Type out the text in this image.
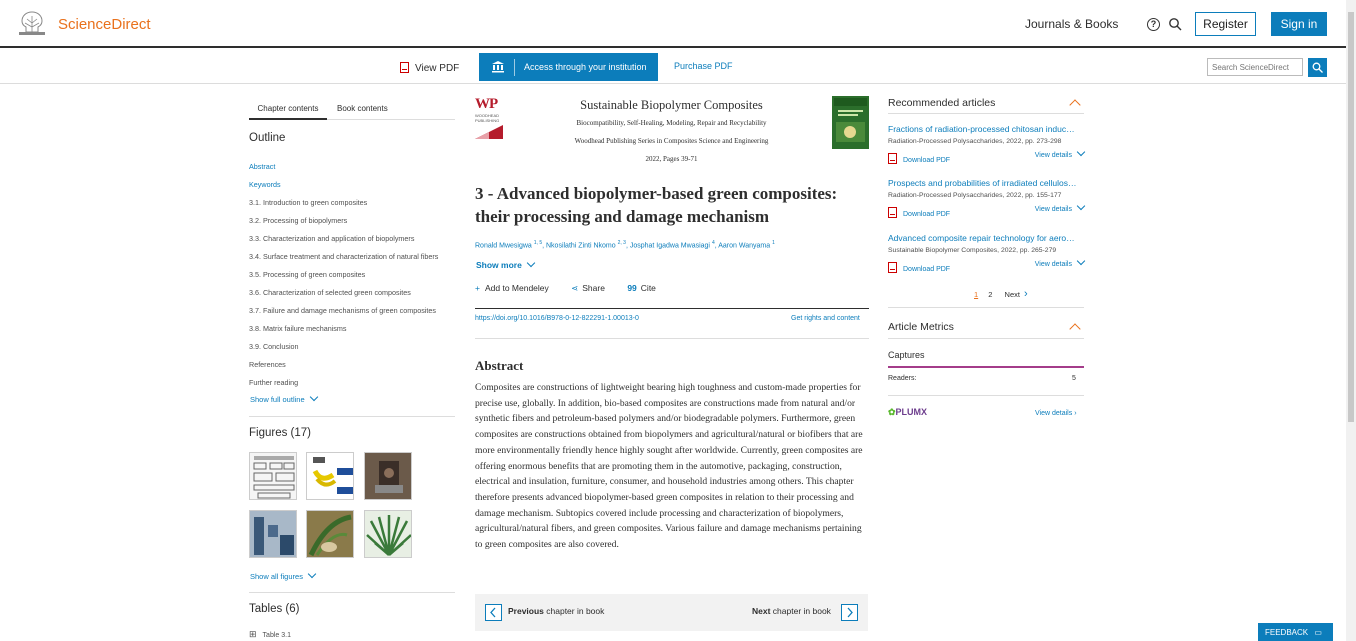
ScienceDirect	Journals & Books	?	Register	Sign in
View PDF	Access through your institution	Purchase PDF
Search ScienceDirect
Chapter contents	Book contents
Outline
Abstract
Keywords
3.1. Introduction to green composites
3.2. Processing of biopolymers
3.3. Characterization and application of biopolymers
3.4. Surface treatment and characterization of natural fibers
3.5. Processing of green composites
3.6. Characterization of selected green composites
3.7. Failure and damage mechanisms of green composites
3.8. Matrix failure mechanisms
3.9. Conclusion
References
Further reading
Show full outline
Figures (17)
Show all figures
Tables (6)
⊞ Table 3.1
WP
WOODHEAD PUBLISHING
Sustainable Biopolymer Composites
Biocompatibility, Self-Healing, Modeling, Repair and Recyclability
Woodhead Publishing Series in Composites Science and Engineering
2022, Pages 39-71
3 - Advanced biopolymer-based green composites: their processing and damage mechanism
Ronald Mwesigwa $^{1, 5}$, Nkosilathi Zinti Nkomo $^{2, 3}$, Josphat Igadwa Mwasiagi $^4$, Aaron Wanyama $^1$
Show more
+ Add to Mendeley	⋖ Share	99 Cite
https://doi.org/10.1016/B978-0-12-822291-1.00013-0	Get rights and content
Abstract

Composites are constructions of lightweight bearing high toughness and custom-made properties for precise use, globally. In addition, bio-based composites are constructions made from natural and/or synthetic fibers and petroleum-based polymers and/or biodegradable polymers. Furthermore, green composites are constructions obtained from biopolymers and agricultural/natural or biofibers that are more environmentally friendly hence highly sought after worldwide. Currently, green composites are offering enormous benefits that are promoting them in the automotive, packaging, construction, electrical and insulation, furniture, consumer, and household industries among others. This chapter therefore presents advanced biopolymer-based green composites in relation to their processing and damage mechanism. Subtopics covered include processing and characterization of biopolymers, agricultural/natural fibers, and green composites. Various failure and damage mechanisms pertaining to green composites are also covered.

Previous chapter in book	Next chapter in book
Recommended articles
Fractions of radiation-processed chitosan induc…
Radiation-Processed Polysaccharides, 2022, pp. 273-298
Download PDF
View details
Prospects and probabilities of irradiated cellulos…
Radiation-Processed Polysaccharides, 2022, pp. 155-177
Download PDF
View details
Advanced composite repair technology for aero…
Sustainable Biopolymer Composites, 2022, pp. 265-279
Download PDF
View details
1 2 Next ›
Article Metrics
Captures
Readers:	5
✿PLUMX	View details ›
FEEDBACK ▭
